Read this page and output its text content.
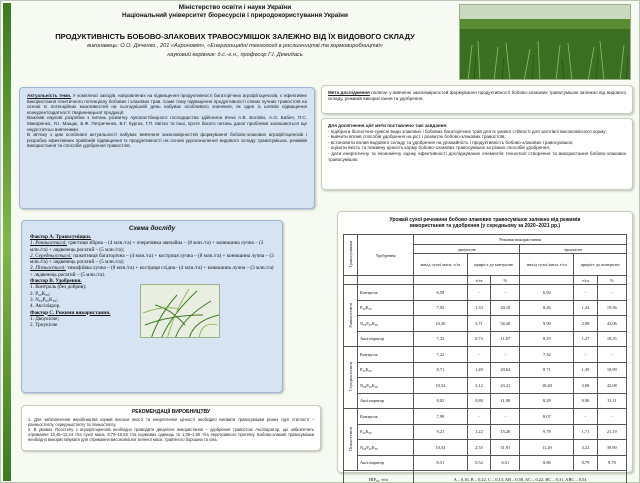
Міністерство освіти і науки України
Національний університет біоресурсів і природокористування України
ПРОДУКТИВНІСТЬ БОБОВО-ЗЛАКОВИХ ТРАВОСУМІШОК ЗАЛЕЖНО ВІД ЇХ ВИДОВОГО СКЛАДУ
виконавець: О.О. Дяченко , 201 «Агрономія», «Енергоощадні технології в рослинництві та кормовиробництві»
науковий керівник: д.с.-г.н., професор Г.І. Демидась

Актуальність теми. У комплексі заходів, направлених на підвищення продуктивності багаторічних агрофітоценозів, є ефективне використання генетичного потенціалу бобових і злакових трав. Саме тому підвищення продуктивності сіяних лучних травостоїв на основі їх потенційних можливостей на сьогоднішній день набуває особливого значення, як один із шляхів підвищення конкурентоздатності тваринницької продукції.

Важливі наукові розробки з питань розвитку лукопастбищного господарства здійснили вчені А.В. Боговін, А.О. Бабич, П.С. Макаренко, Я.І. Мащак, Б.Ф. Петриченко, В.Г. Кургак, Г.П. Квітко та інші, проте багато питань даної проблеми залишаються ще недостатньо вивченими.

В зв'язку з цим особливої актуальності набуває вивчення закономірностей формування бобово-злакових агрофітоценозів і розробка ефективних прийомів підвищення їх продуктивності на основі удосконалення видового складу травосумішок, режимів використання та способів удобрення травостоїв.

Мета дослідження полягає у вивченні закономірностей формування продуктивності бобово-злакових травосумішок залежно від видового складу, режимів використання та удобрення.
Для досягнення цієї мети поставлено такі завдання:
- підібрати біологічно-сумісні види злакових і бобових багаторічних трав для їх умової стійкості для заготівлі високоякісного корму;
- вивчити вплив способів удобрення на ріст і розвиток бобово-злакових травостоїв;
- встановити вплив видового складу та удобрення на урожайність і продуктивність бобово-злакових травосумішок;
- оцінити якість та поживну цінність корму бобово-злакових травосумішок за різних способів удобрення;
- дати енергетичну та економічну оцінку ефективності досліджуваних елементів технології створення та використання бобово-злакових травосумішок.
Схема досліду
Фактор А. Травосуміщки.
1. Ранньостиглі: грястиця збірна – (4 млн./га) + очеретянка звичайна – (8 млн./га) + конюшина лучна – (3 млн./га) + лядвенець рогатий – (5 млн./га);
2. Середньостиглі: пажитниця багаторічна – (4 млн./га) + костриця лучна – (8 млн./га) + конюшина лучна – (3 млн./га) + лядвенець рогатий – (5 млн./га);
3. Пізньостиглі: тимофіївка лучна – (8 млн./га) + костриця східна– (4 млн./га) + конюшина лучна – (3 млн./га) + лядвенець рогатий – (5 млн./га).
Фактор В. Удобрення.
1. Контроль (без добрив);
2. P₆₀K₉₀;
3. N₆₀P₆₀K₉₀;
4. Аксіліарор.
Фактор С. Режими використання.
1. Двоукісне;
2. Триукісне
РЕКОМЕНДАЦІЇ ВИРОБНИЦТВУ
1. Для забезпечення виробництва кормів високої якості та енергетичної цінності необхідно висівати травосумішки різних груп стиглості – ранньостиглу, середньостиглу та пізньостиглу.
2. В умовах Лісостепу з агрофітоценозів необхідно проводити двоукісне використання – удобрення травостою Аксіліаратор, що забезпечить отримання 10,45–12,24 т/га сухої маси, 8,75–10,53 т/га кормових одиниць та 1,39–1,60 т/га перетравного протеїну. Бобово-злакові травосумішки необхідно використовувати для отримання високоякісної зеленої маси, трав'яного борошна та сіна.
Урожай сухої речовини бобово-злакових травосумішок залежно від режимів використання та удобрення (у середньому за 2020–2021 рр.)
Травосумішки	Удобрення	Режими використання					
		двоукісне			триукісне		
		вихід сухої маси, т/га	приріст до контролю		вихід сухої маси, т/га	приріст до контролю	
			т/га	%		т/га	%
Ранньостиглі	Контроль	6,59	-	-	6,92	-	-
	P₆₀K₉₀	7,92	1,33	20,18	8,26	1,34	19,36
	N₆₀P₆₀K₉₀	10,30	3,71	56,30	9,90	2,98	43,06
	Аксіліаратор	7,32	0,73	11,07	8,19	1,27	18,35
Середньостиглі	Контроль	7,22	-	-	7,32	-	-
	P₆₀K₉₀	8,71	1,49	20,64	8,71	1,39	18,99
	N₆₀P₆₀K₉₀	10,54	3,12	43,21	10,40	3,08	42,08
	Аксіліаратор	8,02	0,80	11,08	8,28	0,96	13,11
Пізньостиглі	Контроль	7,99	-	-	8,07	-	-
	P₆₀K₉₀	9,21	1,22	15,26	9,78	1,71	21,19
	N₆₀P₆₀K₉₀	10,54	2,55	31,91	11,29	3,22	39,90
	Аксіліаратор	8,51	0,52	6,51	8,86	0,79	9,78
НІР₀₅, т/га		A – 0,16, B – 0,22, C – 0,13, AB – 0,58, AC – 0,22, BC – 0,31, ABC – 0,54					
